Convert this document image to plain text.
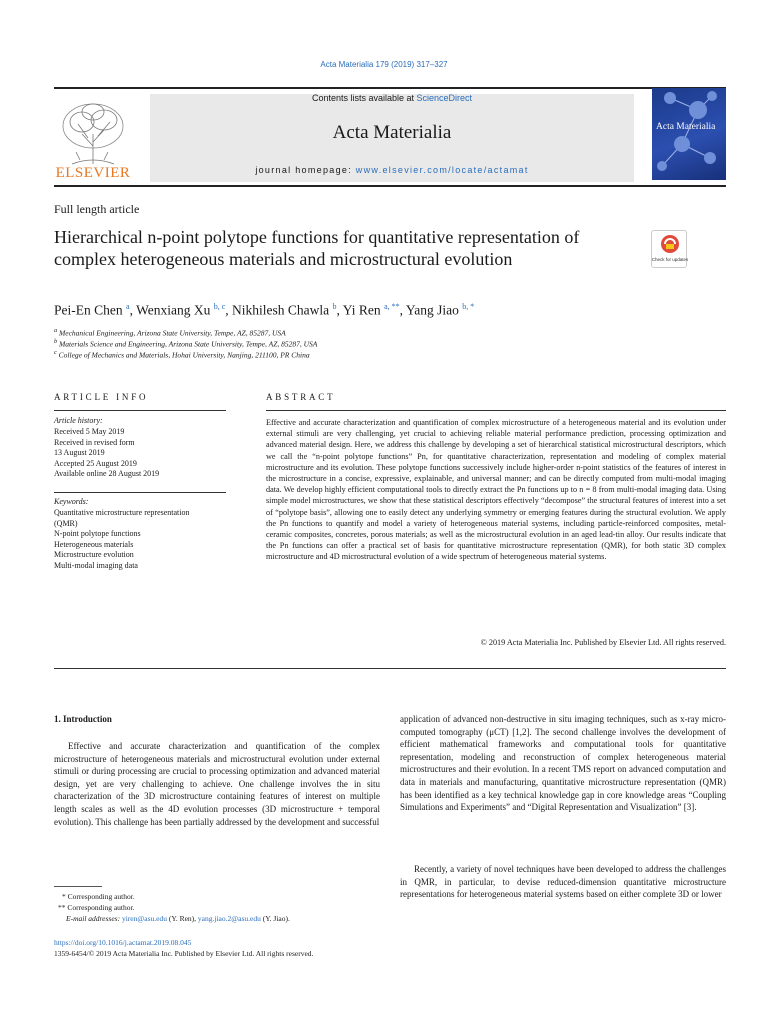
Acta Materialia 179 (2019) 317–327
ELSEVIER
Contents lists available at ScienceDirect
Acta Materialia
journal homepage: www.elsevier.com/locate/actamat
Acta Materialia
Full length article
Hierarchical n-point polytope functions for quantitative representation of complex heterogeneous materials and microstructural evolution	Check for updates
Pei-En Chen $^a$, Wenxiang Xu $^{b, c}$, Nikhilesh Chawla $^b$, Yi Ren $^{a, **}$, Yang Jiao $^{b, *}$
$^a$ Mechanical Engineering, Arizona State University, Tempe, AZ, 85287, USA
$^b$ Materials Science and Engineering, Arizona State University, Tempe, AZ, 85287, USA
$^c$ College of Mechanics and Materials, Hohai University, Nanjing, 211100, PR China
ARTICLE INFO	ABSTRACT
Article history:
Received 5 May 2019
Received in revised form
13 August 2019
Accepted 25 August 2019
Available online 28 August 2019
Keywords:
Quantitative microstructure representation
(QMR)
N-point polytope functions
Heterogeneous materials
Microstructure evolution
Multi-modal imaging data
Effective and accurate characterization and quantification of complex microstructure of a heterogeneous material and its evolution under external stimuli are very challenging, yet crucial to achieving reliable material performance prediction, processing optimization and advanced material design. Here, we address this challenge by developing a set of hierarchical statistical microstructural descriptors, which we call the “n-point polytope functions” Pn, for quantitative characterization, representation and modeling of complex material microstructure and its evolution. These polytope functions successively include higher-order n-point statistics of the features of interest in the microstructure in a concise, expressive, explainable, and universal manner; and can be directly computed from multi-modal imaging data. We develop highly efficient computational tools to directly extract the Pn functions up to n = 8 from multi-modal imaging data. Using simple model microstructures, we show that these statistical descriptors effectively “decompose” the structural features of interest into a set of “polytope basis”, allowing one to easily detect any underlying symmetry or emerging features during the structural evolution. We apply the Pn functions to quantify and model a variety of heterogeneous material systems, including particle-reinforced composites, metal-ceramic composites, concretes, porous materials; as well as the microstructural evolution in an aged lead-tin alloy. Our results indicate that the Pn functions can offer a practical set of basis for quantitative microstructure representation (QMR), for both static 3D complex microstructure and 4D microstructural evolution of a wide spectrum of heterogeneous material systems.
© 2019 Acta Materialia Inc. Published by Elsevier Ltd. All rights reserved.
1. Introduction
Effective and accurate characterization and quantification of the complex microstructure of heterogeneous materials and microstructural evolution under external stimuli or during processing are crucial to processing optimization and advanced material design, yet are very challenging to achieve. One challenge involves the in situ characterization of the 3D microstructure containing features of interest on multiple length scales as well as the 4D evolution processes (3D microstructure + temporal evolution). This challenge has been partially addressed by the development and successful
application of advanced non-destructive in situ imaging techniques, such as x-ray micro-computed tomography (μCT) [1,2]. The second challenge involves the development of efficient mathematical frameworks and computational tools for quantitative representation, modeling and reconstruction of complex heterogeneous material microstructures and their evolution. In a recent TMS report on advanced computation and data in materials and manufacturing, quantitative microstructure representation (QMR) has been identified as a key technical knowledge gap in core knowledge areas “Coupling Simulations and Experiments” and “Digital Representation and Visualization” [3].
Recently, a variety of novel techniques have been developed to address the challenges in QMR, in particular, to devise reduced-dimension quantitative microstructure representations for heterogeneous material systems based on either complete 3D or lower
* Corresponding author.
** Corresponding author.
E-mail addresses: yiren@asu.edu (Y. Ren), yang.jiao.2@asu.edu (Y. Jiao).
https://doi.org/10.1016/j.actamat.2019.08.045
1359-6454/© 2019 Acta Materialia Inc. Published by Elsevier Ltd. All rights reserved.
